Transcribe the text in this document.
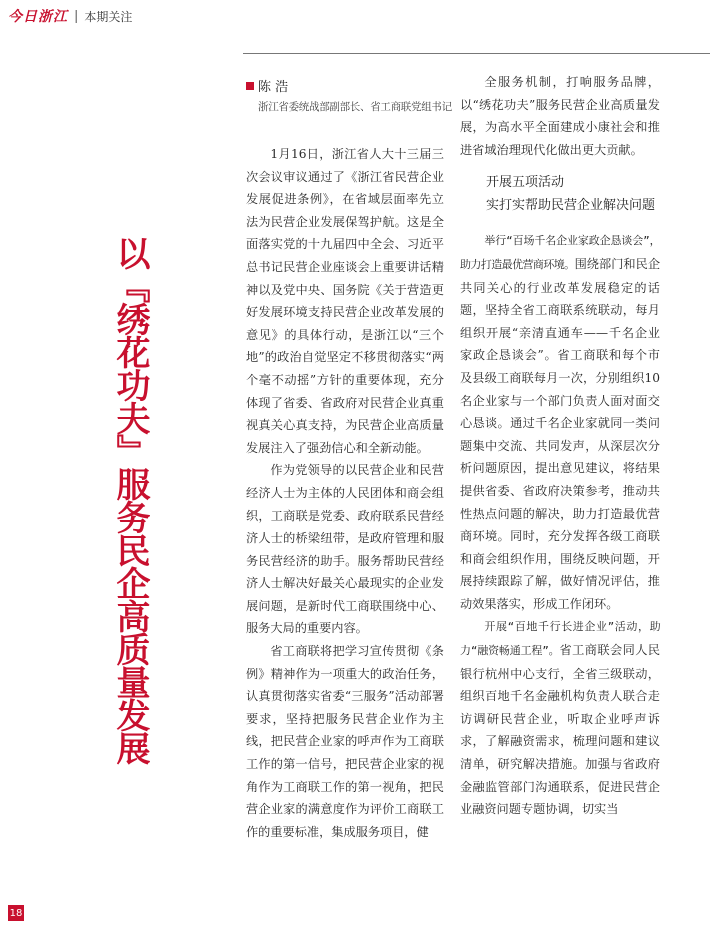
今日浙江 | 本期关注
以『绣花功夫』服务民企高质量发展
陈 浩
浙江省委统战部副部长、省工商联党组书记

1月16日，浙江省人大十三届三次会议审议通过了《浙江省民营企业发展促进条例》，在省域层面率先立法为民营企业发展保驾护航。这是全面落实党的十九届四中全会、习近平总书记民营企业座谈会上重要讲话精神以及党中央、国务院《关于营造更好发展环境支持民营企业改革发展的意见》的具体行动，是浙江以“三个地”的政治自觉坚定不移贯彻落实“两个毫不动摇”方针的重要体现，充分体现了省委、省政府对民营企业真重视真关心真支持，为民营企业高质量发展注入了强劲信心和全新动能。

作为党领导的以民营企业和民营经济人士为主体的人民团体和商会组织，工商联是党委、政府联系民营经济人士的桥梁纽带，是政府管理和服务民营经济的助手。服务帮助民营经济人士解决好最关心最现实的企业发展问题，是新时代工商联围绕中心、服务大局的重要内容。

省工商联将把学习宣传贯彻《条例》精神作为一项重大的政治任务，认真贯彻落实省委“三服务”活动部署要求，坚持把服务民营企业作为主线，把民营企业家的呼声作为工商联工作的第一信号，把民营企业家的视角作为工商联工作的第一视角，把民营企业家的满意度作为评价工商联工作的重要标准，集成服务项目，健

全服务机制，打响服务品牌，以“绣花功夫”服务民营企业高质量发展，为高水平全面建成小康社会和推进省域治理现代化做出更大贡献。

开展五项活动

实打实帮助民营企业解决问题

举行“百场千名企业家政企恳谈会”，助力打造最优营商环境。围绕部门和民企共同关心的行业改革发展稳定的话题，坚持全省工商联系统联动，每月组织开展“亲清直通车——千名企业家政企恳谈会”。省工商联和每个市及县级工商联每月一次，分别组织10名企业家与一个部门负责人面对面交心恳谈。通过千名企业家就同一类问题集中交流、共同发声，从深层次分析问题原因，提出意见建议，将结果提供省委、省政府决策参考，推动共性热点问题的解决，助力打造最优营商环境。同时，充分发挥各级工商联和商会组织作用，围绕反映问题，开展持续跟踪了解，做好情况评估，推动效果落实，形成工作闭环。

开展“百地千行长进企业”活动，助力“融资畅通工程”。省工商联会同人民银行杭州中心支行，全省三级联动，组织百地千名金融机构负责人联合走访调研民营企业，听取企业呼声诉求，了解融资需求，梳理问题和建议清单，研究解决措施。加强与省政府金融监管部门沟通联系，促进民营企业融资问题专题协调，切实当

18
